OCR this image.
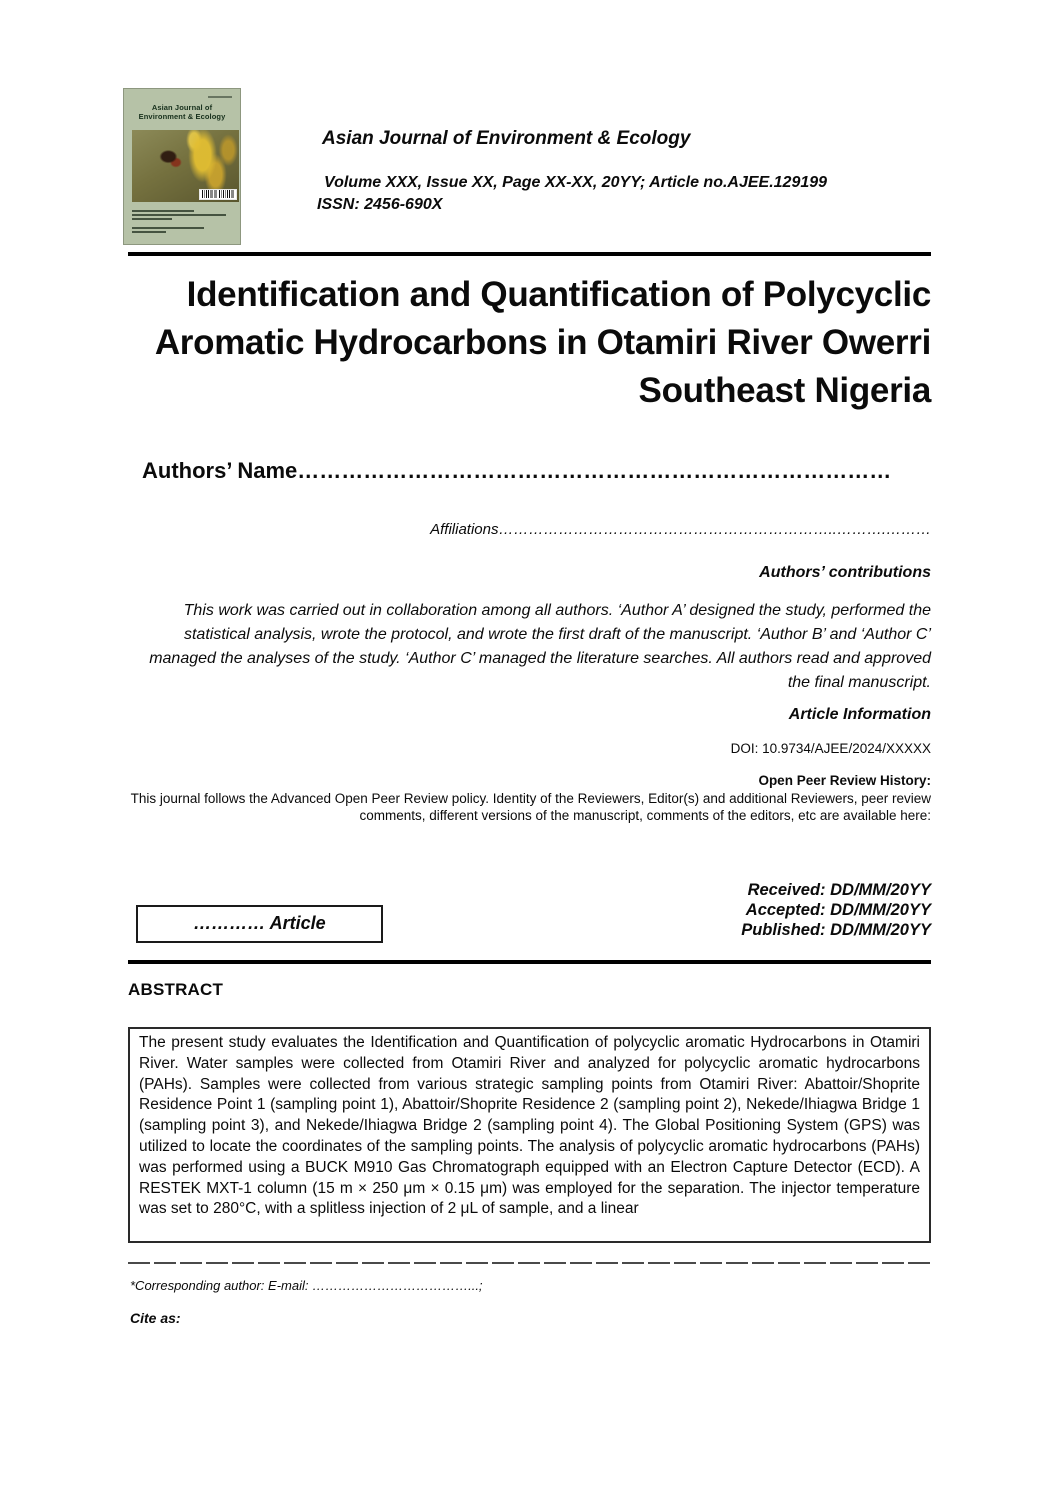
Asian Journal of
Environment & Ecology
Asian Journal of Environment & Ecology
Volume XXX, Issue XX, Page XX-XX, 20YY; Article no.AJEE.129199
ISSN: 2456-690X
Identification and Quantification of Polycyclic Aromatic Hydrocarbons in Otamiri River Owerri Southeast Nigeria
Authors’ Name………………………………………………………………………
Affiliations…………………………………………………………..……….………
Authors’ contributions
This work was carried out in collaboration among all authors. ‘Author A’ designed the study, performed the statistical analysis, wrote the protocol, and wrote the first draft of the manuscript. ‘Author B’ and ‘Author C’ managed the analyses of the study. ‘Author C’ managed the literature searches. All authors read and approved the final manuscript.
Article Information
DOI: 10.9734/AJEE/2024/XXXXX
Open Peer Review History:
This journal follows the Advanced Open Peer Review policy. Identity of the Reviewers, Editor(s) and additional Reviewers, peer review comments, different versions of the manuscript, comments of the editors, etc are available here:
………… Article
Received: DD/MM/20YY
Accepted: DD/MM/20YY
Published: DD/MM/20YY
ABSTRACT
The present study evaluates the Identification and Quantification of polycyclic aromatic Hydrocarbons in Otamiri River. Water samples were collected from Otamiri River and analyzed for polycyclic aromatic hydrocarbons (PAHs). Samples were collected from various strategic sampling points from Otamiri River: Abattoir/Shoprite Residence Point 1 (sampling point 1), Abattoir/Shoprite Residence 2 (sampling point 2), Nekede/Ihiagwa Bridge 1 (sampling point 3), and Nekede/Ihiagwa Bridge 2 (sampling point 4). The Global Positioning System (GPS) was utilized to locate the coordinates of the sampling points. The analysis of polycyclic aromatic hydrocarbons (PAHs) was performed using a BUCK M910 Gas Chromatograph equipped with an Electron Capture Detector (ECD). A RESTEK MXT-1 column (15 m × 250 μm × 0.15 μm) was employed for the separation. The injector temperature was set to 280°C, with a splitless injection of 2 μL of sample, and a linear
*Corresponding author: E-mail: ………………………………...;
Cite as:
